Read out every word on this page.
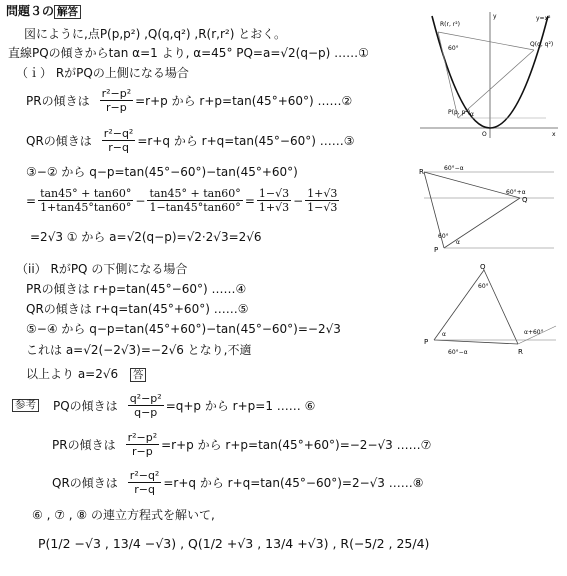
問題３の 解答
図にように,点P(p,p²) ,Q(q,q²) ,R(r,r²) とおく。
直線PQの傾きからtan α=1 より, α=45° PQ=a=√2(q−p) ……①
（ｉ） RがPQの上側になる場合
PRの傾きは $\frac{\text{r²−p²}}{r-p} =r+p$ から r+p=tan(45°+60°) ……②
QRの傾きは $\frac{\text{r²−q²}}{r-q} =r+q$ から r+q=tan(45°−60°) ……③
③−② から q−p=tan(45°−60°)−tan(45°+60°)
= $\frac{\tan 45^\circ + \tan 60^\circ}{1+\tan 45^\circ\tan 60^\circ} - \frac{\tan 45^\circ + \tan 60^\circ}{1-\tan 45^\circ\tan 60^\circ} = \frac{1-√3}{1+√3} - \frac{1+√3}{1-√3}$
=2√3 ① から a=√2(q−p)=√2·2√3=2√6
（ii） RがPQ の下側になる場合
PRの傾きは r+p=tan(45°−60°) ……④
QRの傾きは r+q=tan(45°+60°) ……⑤
⑤−④ から q−p=tan(45°+60°)−tan(45°−60°)=−2√3
これは a=√2(−2√3)=−2√6 となり,不適
以上より a=2√6 答
参考 PQの傾きは $\frac{\text{q²−p²}}{q-p} =q+p$ から r+p=1 …… ⑥
PRの傾きは $\frac{\text{r²−p²}}{r-p} =r+p$ から r+p=tan(45°+60°)=−2−√3 ……⑦
QRの傾きは $\frac{\text{r²−q²}}{r-q} =r+q$ から r+q=tan(45°−60°)=2−√3 ……⑧
⑥ , ⑦ , ⑧ の連立方程式を解いて,
P(1/2 −√3 , 13/4 −√3) , Q(1/2 +√3 , 13/4 +√3) , R(−5/2 , 25/4)
R(r, r²)
Q(q, q²)
P(p, p²)
y=x²
O	x
y
α
60°
R
Q
P
60°
α
60°−α
60°+α
Q
60°
α+60°
P
R
60°−α
α
